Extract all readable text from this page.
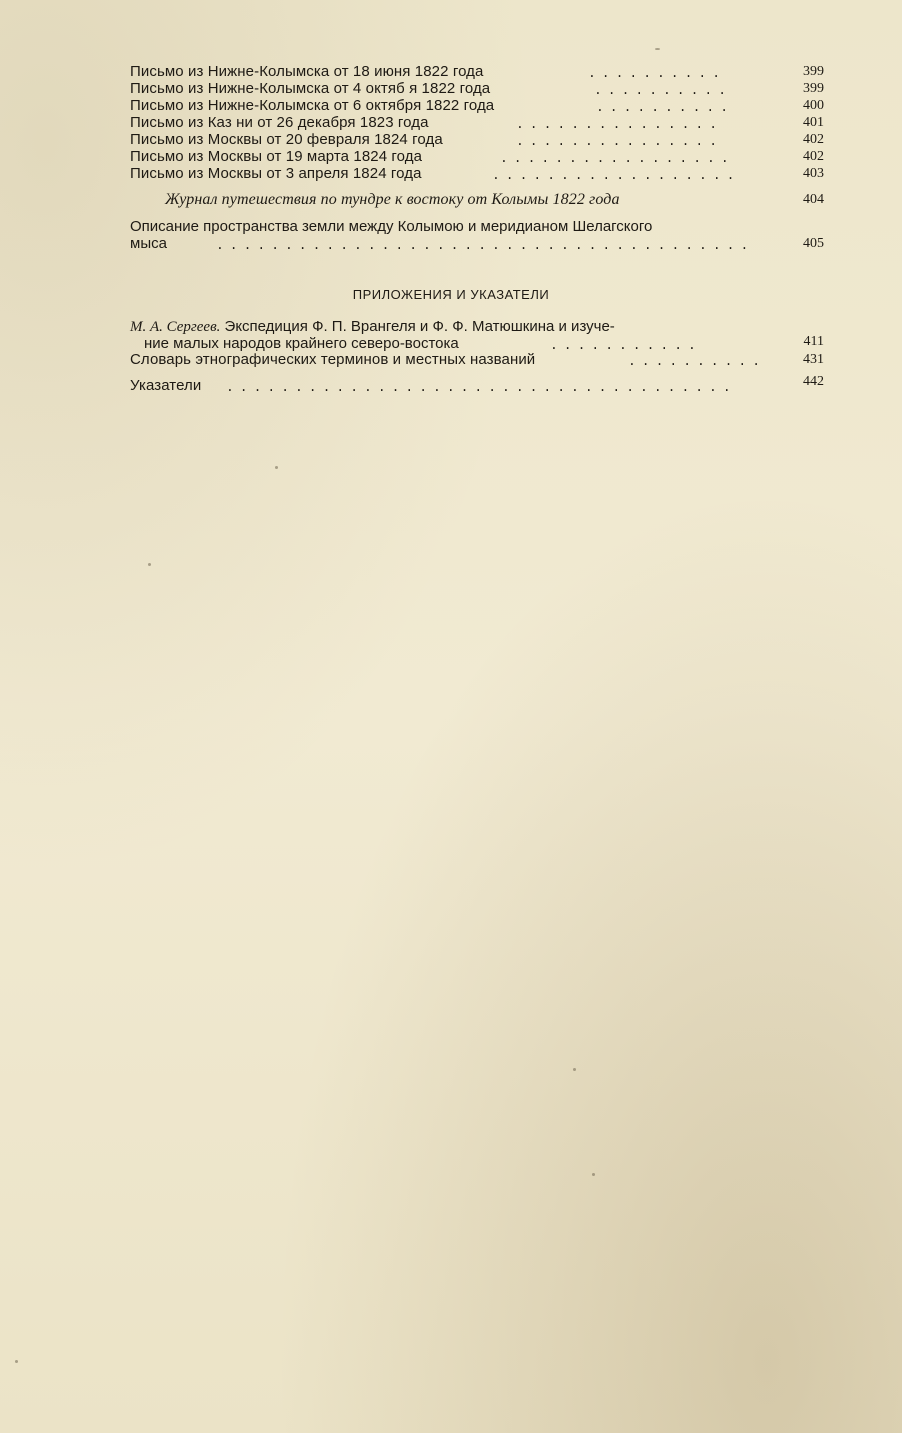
Письмо из Нижне-Колымска от 18 июня 1822 года	..........	399
Письмо из Нижне-Колымска от 4 октяб я 1822 года	..........	399
Письмо из Нижне-Колымска от 6 октября 1822 года	..........	400
Письмо из Каз ни от 26 декабря 1823 года	...............	401
Письмо из Москвы от 20 февраля 1824 года	...............	402
Письмо из Москвы от 19 марта 1824 года	.................	402
Письмо из Москвы от 3 апреля 1824 года	..................	403
Журнал путешествия по тундре к востоку от Колымы 1822 года	404
Описание пространства земли между Колымою и меридианом Шелагского
мыса	.......................................	405
ПРИЛОЖЕНИЯ И УКАЗАТЕЛИ
М. А. Сергеев. Экспедиция Ф. П. Врангеля и Ф. Ф. Матюшкина и изуче-
ние малых народов крайнего северо-востока	...........	411
Словарь этнографических терминов и местных названий	..........	431
Указатели .....................................	442
